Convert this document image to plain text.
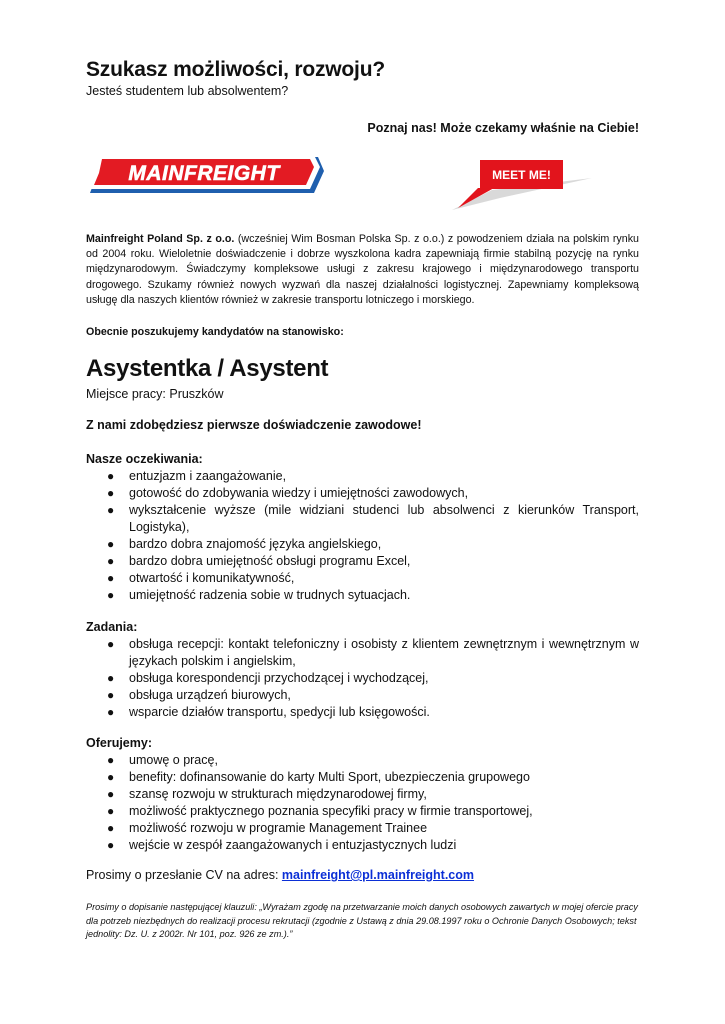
Szukasz możliwości, rozwoju?
Jesteś studentem lub absolwentem?
Poznaj nas! Może czekamy właśnie na Ciebie!
MAINFREIGHT	MEET ME!
Mainfreight Poland Sp. z o.o. (wcześniej Wim Bosman Polska Sp. z o.o.) z powodzeniem działa na polskim rynku od 2004 roku. Wieloletnie doświadczenie i dobrze wyszkolona kadra zapewniają firmie stabilną pozycję na rynku międzynarodowym. Świadczymy kompleksowe usługi z zakresu krajowego i międzynarodowego transportu drogowego. Szukamy również nowych wyzwań dla naszej działalności logistycznej. Zapewniamy kompleksową usługę dla naszych klientów również w zakresie transportu lotniczego i morskiego.
Obecnie poszukujemy kandydatów na stanowisko:
Asystentka / Asystent
Miejsce pracy: Pruszków
Z nami zdobędziesz pierwsze doświadczenie zawodowe!
Nasze oczekiwania:
● entuzjazm i zaangażowanie,
● gotowość do zdobywania wiedzy i umiejętności zawodowych,
● wykształcenie wyższe (mile widziani studenci lub absolwenci z kierunków Transport, Logistyka),
● bardzo dobra znajomość języka angielskiego,
● bardzo dobra umiejętność obsługi programu Excel,
● otwartość i komunikatywność,
● umiejętność radzenia sobie w trudnych sytuacjach.
Zadania:
● obsługa recepcji: kontakt telefoniczny i osobisty z klientem zewnętrznym i wewnętrznym w językach polskim i angielskim,
● obsługa korespondencji przychodzącej i wychodzącej,
● obsługa urządzeń biurowych,
● wsparcie działów transportu, spedycji lub księgowości.
Oferujemy:
● umowę o pracę,
● benefity: dofinansowanie do karty Multi Sport, ubezpieczenia grupowego
● szansę rozwoju w strukturach międzynarodowej firmy,
● możliwość praktycznego poznania specyfiki pracy w firmie transportowej,
● możliwość rozwoju w programie Management Trainee
● wejście w zespół zaangażowanych i entuzjastycznych ludzi
Prosimy o przesłanie CV na adres: mainfreight@pl.mainfreight.com
Prosimy o dopisanie następującej klauzuli: „Wyrażam zgodę na przetwarzanie moich danych osobowych zawartych w mojej ofercie pracy dla potrzeb niezbędnych do realizacji procesu rekrutacji (zgodnie z Ustawą z dnia 29.08.1997 roku o Ochronie Danych Osobowych; tekst jednolity: Dz. U. z 2002r. Nr 101, poz. 926 ze zm.).”
